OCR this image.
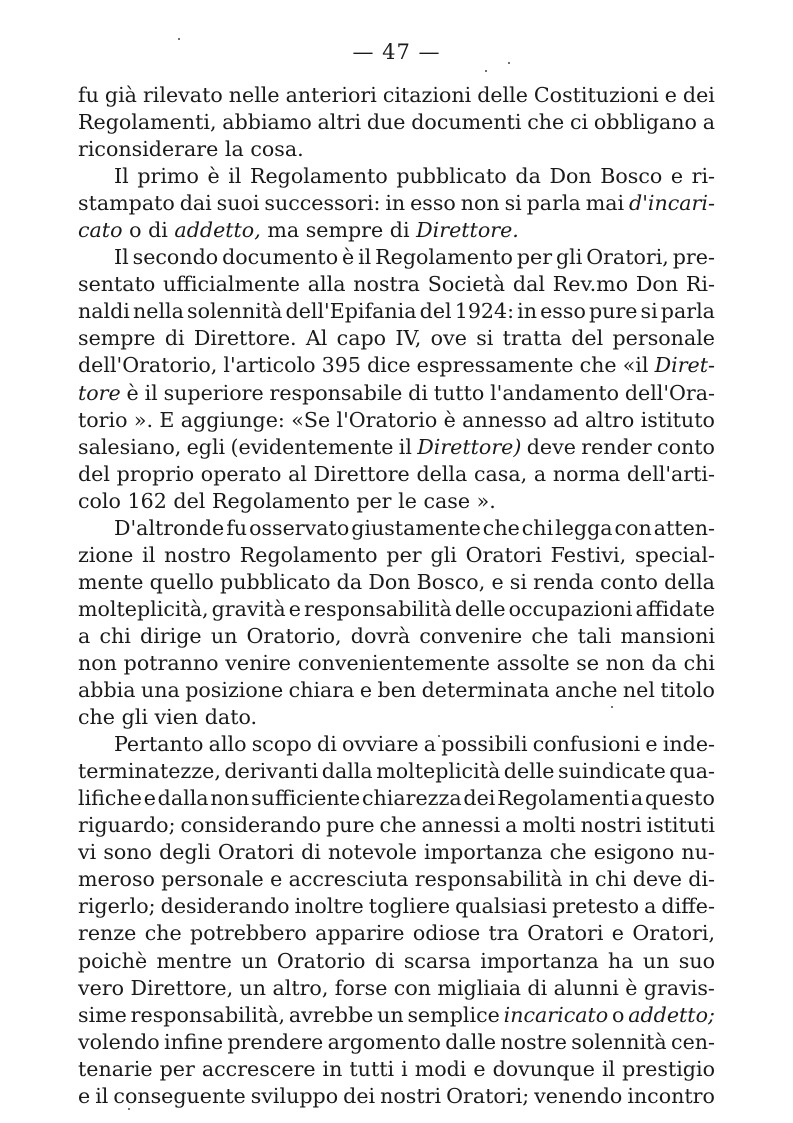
— 47 —
fu già rilevato nelle anteriori citazioni delle Costituzioni e dei
Regolamenti, abbiamo altri due documenti che ci obbligano a
riconsiderare la cosa.
Il primo è il Regolamento pubblicato da Don Bosco e ri-
stampato dai suoi successori: in esso non si parla mai d'incari-
cato o di addetto, ma sempre di Direttore.
Il secondo documento è il Regolamento per gli Oratori, pre-
sentato ufficialmente alla nostra Società dal Rev.mo Don Ri-
naldi nella solennità dell'Epifania del 1924: in esso pure si parla
sempre di Direttore. Al capo IV, ove si tratta del personale
dell'Oratorio, l'articolo 395 dice espressamente che «il Diret-
tore è il superiore responsabile di tutto l'andamento dell'Ora-
torio ». E aggiunge: «Se l'Oratorio è annesso ad altro istituto
salesiano, egli (evidentemente il Direttore) deve render conto
del proprio operato al Direttore della casa, a norma dell'arti-
colo 162 del Regolamento per le case ».
D'altronde fu osservato giustamente che chi legga con atten-
zione il nostro Regolamento per gli Oratori Festivi, special-
mente quello pubblicato da Don Bosco, e si renda conto della
molteplicità, gravità e responsabilità delle occupazioni affidate
a chi dirige un Oratorio, dovrà convenire che tali mansioni
non potranno venire convenientemente assolte se non da chi
abbia una posizione chiara e ben determinata anche nel titolo
che gli vien dato.
Pertanto allo scopo di ovviare a possibili confusioni e inde-
terminatezze, derivanti dalla molteplicità delle suindicate qua-
lifiche e dalla non sufficiente chiarezza dei Regolamenti a questo
riguardo; considerando pure che annessi a molti nostri istituti
vi sono degli Oratori di notevole importanza che esigono nu-
meroso personale e accresciuta responsabilità in chi deve di-
rigerlo; desiderando inoltre togliere qualsiasi pretesto a diffe-
renze che potrebbero apparire odiose tra Oratori e Oratori,
poichè mentre un Oratorio di scarsa importanza ha un suo
vero Direttore, un altro, forse con migliaia di alunni è gravis-
sime responsabilità, avrebbe un semplice incaricato o addetto;
volendo infine prendere argomento dalle nostre solennità cen-
tenarie per accrescere in tutti i modi e dovunque il prestigio
e il conseguente sviluppo dei nostri Oratori; venendo incontro
